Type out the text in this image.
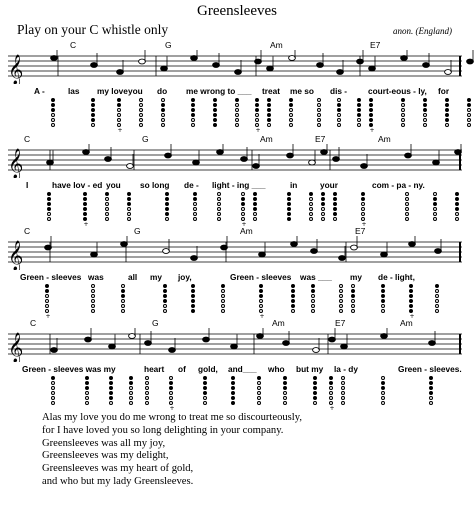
Greensleeves
Play on your C whistle only	anon. (England)
C	G	Am	E7
𝄞
A -	las my love you do me wrong to ___ treat me so dis -	court-eous - ly, for
+	+	+
C	G	Am	E7	Am
𝄞
I	have lov - ed you so long de - light - ing ___	in	your	com - pa - ny.
+	+	+
C	G	Am	E7
𝄞
Green - sleeves was	all my joy,	Green - sleeves was ___ my de - light,
+	+	+
C	G	Am	E7	Am
𝄞
Green - sleeves was my	heart of gold, and___ who but my la - dy	Green - sleeves.
+	+
Alas my love you do me wrong to treat me so discourteously,
for I have loved you so long delighting in your company.
Greensleeves was all my joy,
Greensleeves was my delight,
Greensleeves was my heart of gold,
and who but my lady Greensleeves.
